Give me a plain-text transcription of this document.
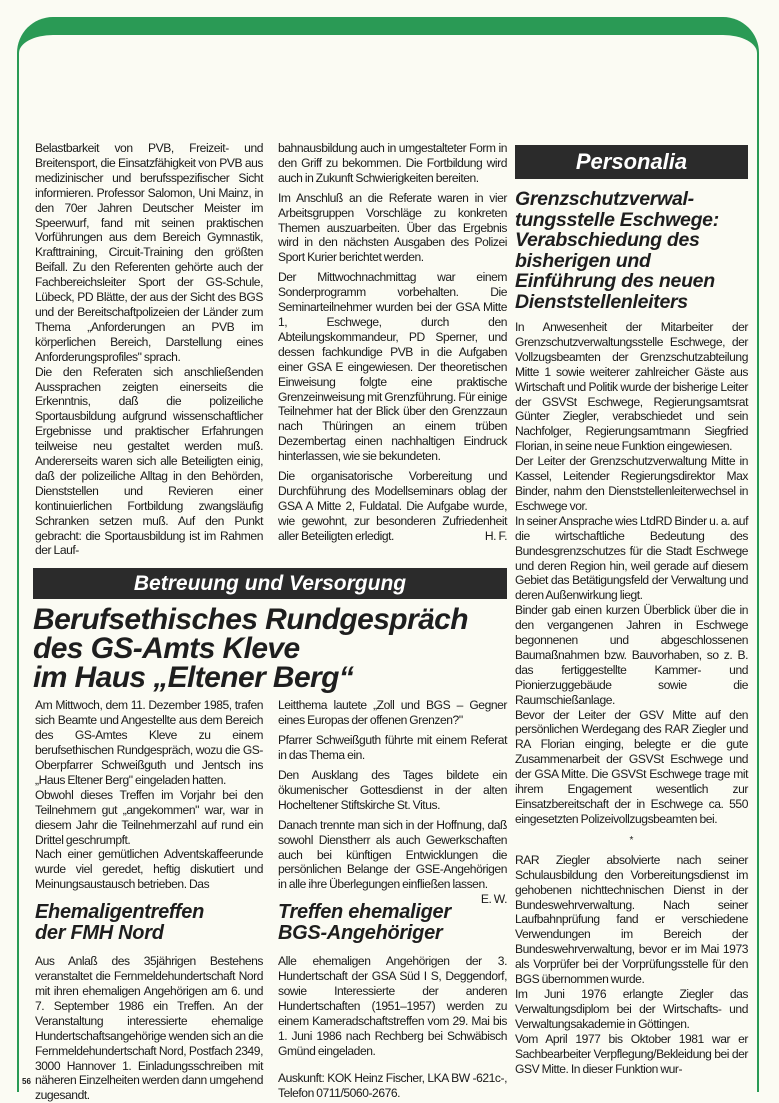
Belastbarkeit von PVB, Freizeit- und Breitensport, die Einsatzfähigkeit von PVB aus medizinischer und berufsspezifischer Sicht informieren. Professor Salomon, Uni Mainz, in den 70er Jahren Deutscher Meister im Speerwurf, fand mit seinen praktischen Vorführungen aus dem Bereich Gymnastik, Krafttraining, Circuit-Training den größten Beifall. Zu den Referenten gehörte auch der Fachbereichsleiter Sport der GS-Schule, Lübeck, PD Blätte, der aus der Sicht des BGS und der Bereitschaftpolizeien der Länder zum Thema „Anforderungen an PVB im körperlichen Bereich, Darstellung eines Anforderungsprofiles" sprach.

Die den Referaten sich anschließenden Aussprachen zeigten einerseits die Erkenntnis, daß die polizeiliche Sportausbildung aufgrund wissenschaftlicher Ergebnisse und praktischer Erfahrungen teilweise neu gestaltet werden muß. Andererseits waren sich alle Beteiligten einig, daß der polizeiliche Alltag in den Behörden, Dienststellen und Revieren einer kontinuierlichen Fortbildung zwangsläufig Schranken setzen muß. Auf den Punkt gebracht: die Sportausbildung ist im Rahmen der Lauf-

bahnausbildung auch in umgestalteter Form in den Griff zu bekommen. Die Fortbildung wird auch in Zukunft Schwierigkeiten bereiten.

Im Anschluß an die Referate waren in vier Arbeitsgruppen Vorschläge zu konkreten Themen auszuarbeiten. Über das Ergebnis wird in den nächsten Ausgaben des Polizei Sport Kurier berichtet werden.

Der Mittwochnachmittag war einem Sonderprogramm vorbehalten. Die Seminarteilnehmer wurden bei der GSA Mitte 1, Eschwege, durch den Abteilungskommandeur, PD Sperner, und dessen fachkundige PVB in die Aufgaben einer GSA E eingewiesen. Der theoretischen Einweisung folgte eine praktische Grenzeinweisung mit Grenzführung. Für einige Teilnehmer hat der Blick über den Grenzzaun nach Thüringen an einem trüben Dezembertag einen nachhaltigen Eindruck hinterlassen, wie sie bekundeten.

Die organisatorische Vorbereitung und Durchführung des Modellseminars oblag der GSA A Mitte 2, Fuldatal. Die Aufgabe wurde, wie gewohnt, zur besonderen Zufriedenheit aller Beteiligten erledigt.	H. F.

Betreuung und Versorgung
Berufsethisches Rundgespräch
des GS-Amts Kleve
im Haus „Eltener Berg“

Am Mittwoch, dem 11. Dezember 1985, trafen sich Beamte und Angestellte aus dem Bereich des GS-Amtes Kleve zu einem berufsethischen Rundgespräch, wozu die GS-Oberpfarrer Schweißguth und Jentsch ins „Haus Eltener Berg" eingeladen hatten.

Obwohl dieses Treffen im Vorjahr bei den Teilnehmern gut „angekommen" war, war in diesem Jahr die Teilnehmerzahl auf rund ein Drittel geschrumpft.

Nach einer gemütlichen Adventskaffeerunde wurde viel geredet, heftig diskutiert und Meinungsaustausch betrieben. Das

Ehemaligentreffen
der FMH Nord

Aus Anlaß des 35jährigen Bestehens veranstaltet die Fernmeldehundertschaft Nord mit ihren ehemaligen Angehörigen am 6. und 7. September 1986 ein Treffen. An der Veranstaltung interessierte ehemalige Hundertschaftsangehörige wenden sich an die Fernmeldehundertschaft Nord, Postfach 2349, 3000 Hannover 1. Einladungsschreiben mit näheren Einzelheiten werden dann umgehend zugesandt.

Leitthema lautete „Zoll und BGS – Gegner eines Europas der offenen Grenzen?"

Pfarrer Schweißguth führte mit einem Referat in das Thema ein.

Den Ausklang des Tages bildete ein ökumenischer Gottesdienst in der alten Hocheltener Stiftskirche St. Vitus.

Danach trennte man sich in der Hoffnung, daß sowohl Dienstherr als auch Gewerkschaften auch bei künftigen Entwicklungen die persönlichen Belange der GSE-Angehörigen in alle ihre Überlegungen einfließen lassen.
E. W.

Treffen ehemaliger
BGS-Angehöriger

Alle ehemaligen Angehörigen der 3. Hundertschaft der GSA Süd I S, Deggendorf, sowie Interessierte der anderen Hundertschaften (1951–1957) werden zu einem Kameradschaftstreffen vom 29. Mai bis 1. Juni 1986 nach Rechberg bei Schwäbisch Gmünd eingeladen.

Auskunft: KOK Heinz Fischer, LKA BW -621c-, Telefon 0711/5060-2676.

Personalia
Grenzschutzverwal-
tungsstelle Eschwege:
Verabschiedung des
bisherigen und
Einführung des neuen
Dienststellenleiters

In Anwesenheit der Mitarbeiter der Grenzschutzverwaltungsstelle Eschwege, der Vollzugsbeamten der Grenzschutzabteilung Mitte 1 sowie weiterer zahlreicher Gäste aus Wirtschaft und Politik wurde der bisherige Leiter der GSVSt Eschwege, Regierungsamtsrat Günter Ziegler, verabschiedet und sein Nachfolger, Regierungsamtmann Siegfried Florian, in seine neue Funktion eingewiesen.

Der Leiter der Grenzschutzverwaltung Mitte in Kassel, Leitender Regierungsdirektor Max Binder, nahm den Dienststellenleiterwechsel in Eschwege vor.

In seiner Ansprache wies LtdRD Binder u. a. auf die wirtschaftliche Bedeutung des Bundesgrenzschutzes für die Stadt Eschwege und deren Region hin, weil gerade auf diesem Gebiet das Betätigungsfeld der Verwaltung und deren Außenwirkung liegt.

Binder gab einen kurzen Überblick über die in den vergangenen Jahren in Eschwege begonnenen und abgeschlossenen Baumaßnahmen bzw. Bauvorhaben, so z. B. das fertiggestellte Kammer- und Pionierzuggebäude sowie die Raumschießanlage.

Bevor der Leiter der GSV Mitte auf den persönlichen Werdegang des RAR Ziegler und RA Florian einging, belegte er die gute Zusammenarbeit der GSVSt Eschwege und der GSA Mitte. Die GSVSt Eschwege trage mit ihrem Engagement wesentlich zur Einsatzbereitschaft der in Eschwege ca. 550 eingesetzten Polizeivollzugsbeamten bei.

*

RAR Ziegler absolvierte nach seiner Schulausbildung den Vorbereitungsdienst im gehobenen nichttechnischen Dienst in der Bundeswehrverwaltung. Nach seiner Laufbahnprüfung fand er verschiedene Verwendungen im Bereich der Bundeswehrverwaltung, bevor er im Mai 1973 als Vorprüfer bei der Vorprüfungsstelle für den BGS übernommen wurde.

Im Juni 1976 erlangte Ziegler das Verwaltungsdiplom bei der Wirtschafts- und Verwaltungsakademie in Göttingen.

Vom April 1977 bis Oktober 1981 war er Sachbearbeiter Verpflegung/Bekleidung bei der GSV Mitte. In dieser Funktion wur-

56
